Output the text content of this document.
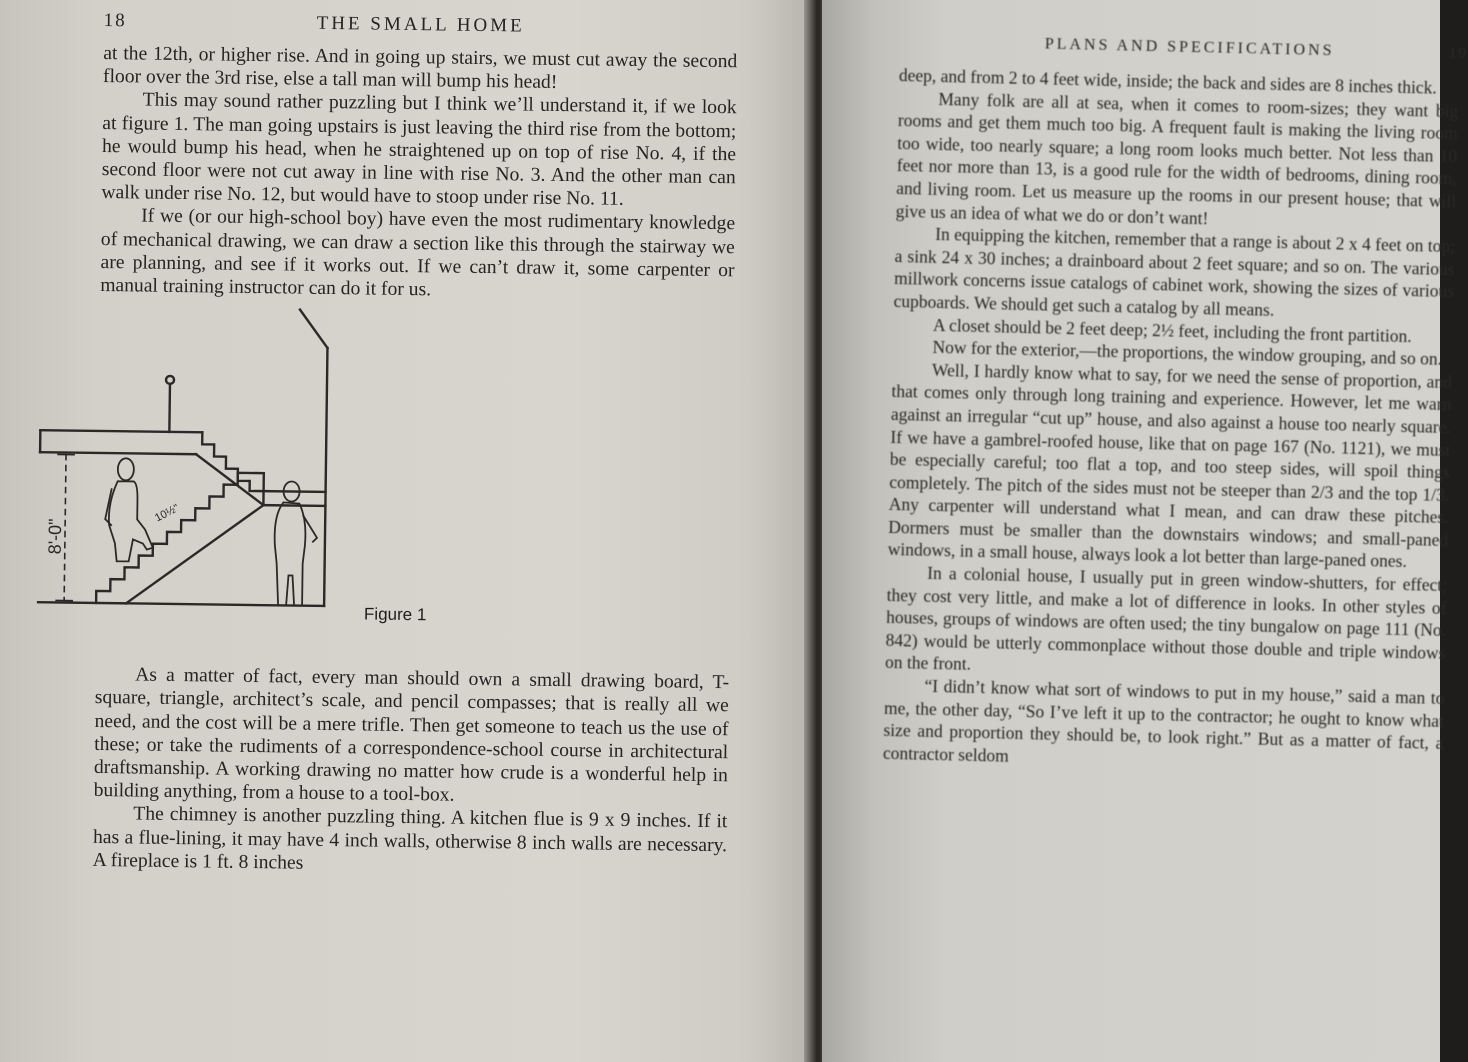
18	THE SMALL HOME

at the 12th, or higher rise. And in going up stairs, we must cut away the second floor over the 3rd rise, else a tall man will bump his head!

This may sound rather puzzling but I think we’ll understand it, if we look at figure 1. The man going upstairs is just leaving the third rise from the bottom; he would bump his head, when he straightened up on top of rise No. 4, if the second floor were not cut away in line with rise No. 3. And the other man can walk under rise No. 12, but would have to stoop under rise No. 11.

If we (or our high-school boy) have even the most rudimentary knowledge of mechanical drawing, we can draw a section like this through the stairway we are planning, and see if it works out. If we can’t draw it, some carpenter or manual training instructor can do it for us.

8'-0"
10½"
Figure 1

As a matter of fact, every man should own a small drawing board, T-square, triangle, architect’s scale, and pencil compasses; that is really all we need, and the cost will be a mere trifle. Then get someone to teach us the use of these; or take the rudiments of a correspondence-school course in architectural draftsmanship. A working drawing no matter how crude is a wonderful help in building anything, from a house to a tool-box.

The chimney is another puzzling thing. A kitchen flue is 9 x 9 inches. If it has a flue-lining, it may have 4 inch walls, otherwise 8 inch walls are necessary. A fireplace is 1 ft. 8 inches

PLANS AND SPECIFICATIONS	19

deep, and from 2 to 4 feet wide, inside; the back and sides are 8 inches thick.

Many folk are all at sea, when it comes to room-sizes; they want big rooms and get them much too big. A frequent fault is making the living room too wide, too nearly square; a long room looks much better. Not less than 10 feet nor more than 13, is a good rule for the width of bedrooms, dining room, and living room. Let us measure up the rooms in our present house; that will give us an idea of what we do or don’t want!

In equipping the kitchen, remember that a range is about 2 x 4 feet on top; a sink 24 x 30 inches; a drainboard about 2 feet square; and so on. The various millwork concerns issue catalogs of cabinet work, showing the sizes of various cupboards. We should get such a catalog by all means.

A closet should be 2 feet deep; 2½ feet, including the front partition.

Now for the exterior,—the proportions, the window grouping, and so on.

Well, I hardly know what to say, for we need the sense of proportion, and that comes only through long training and experience. However, let me warn against an irregular “cut up” house, and also against a house too nearly square. If we have a gambrel-roofed house, like that on page 167 (No. 1121), we must be especially careful; too flat a top, and too steep sides, will spoil things completely. The pitch of the sides must not be steeper than 2/3 and the top 1/3. Any carpenter will understand what I mean, and can draw these pitches. Dormers must be smaller than the downstairs windows; and small-paned windows, in a small house, always look a lot better than large-paned ones.

In a colonial house, I usually put in green window-shutters, for effect; they cost very little, and make a lot of difference in looks. In other styles of houses, groups of windows are often used; the tiny bungalow on page 111 (No. 842) would be utterly commonplace without those double and triple windows on the front.

“I didn’t know what sort of windows to put in my house,” said a man to me, the other day, “So I’ve left it up to the contractor; he ought to know what size and proportion they should be, to look right.” But as a matter of fact, a contractor seldom
